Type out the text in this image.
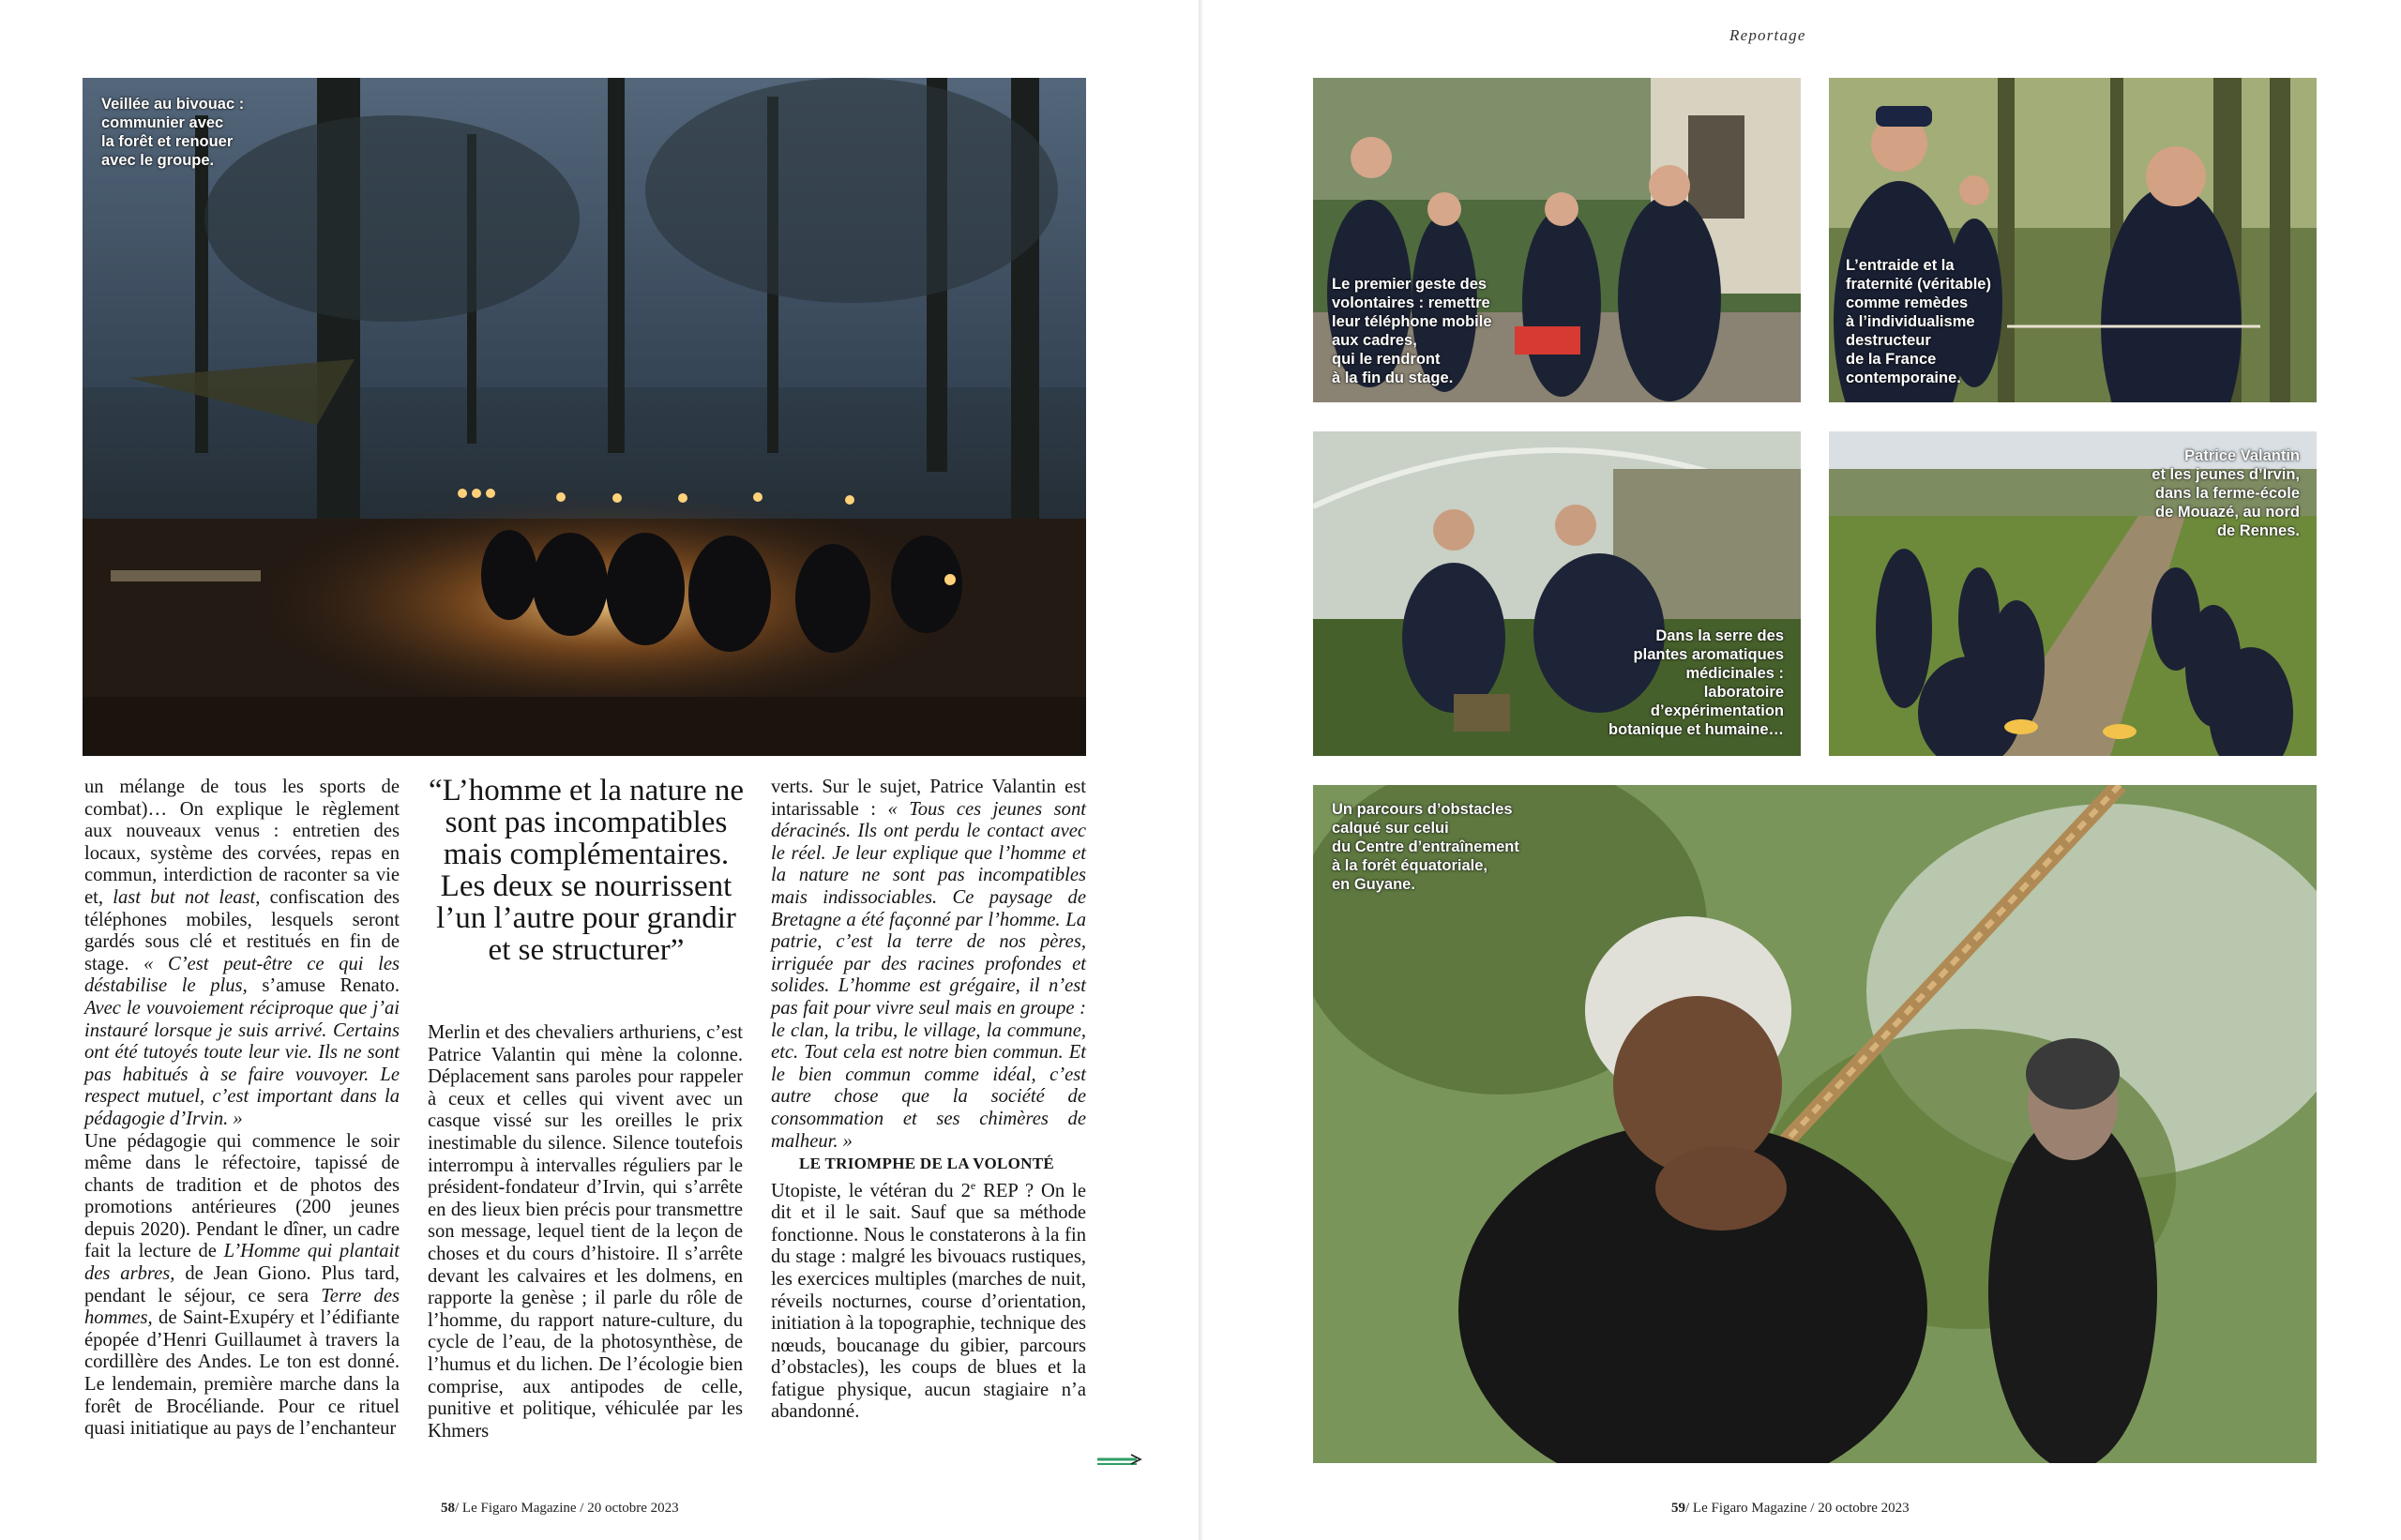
Veillée au bivouac :
communier avec
la forêt et renouer
avec le groupe.

un mélange de tous les sports de combat)… On explique le règlement aux nouveaux venus : entretien des locaux, système des corvées, repas en commun, interdiction de raconter sa vie et, last but not least, confiscation des téléphones mobiles, lesquels seront gardés sous clé et restitués en fin de stage. « C’est peut-être ce qui les déstabilise le plus, s’amuse Renato. Avec le vouvoiement réciproque que j’ai instauré lorsque je suis arrivé. Certains ont été tutoyés toute leur vie. Ils ne sont pas habitués à se faire vouvoyer. Le respect mutuel, c’est important dans la pédagogie d’Irvin. »

Une pédagogie qui commence le soir même dans le réfectoire, tapissé de chants de tradition et de photos des promotions antérieures (200 jeunes depuis 2020). Pendant le dîner, un cadre fait la lecture de L’Homme qui plantait des arbres, de Jean Giono. Plus tard, pendant le séjour, ce sera Terre des hommes, de Saint-Exupéry et l’édifiante épopée d’Henri Guillaumet à travers la cordillère des Andes. Le ton est donné. Le lendemain, première marche dans la forêt de Brocéliande. Pour ce rituel quasi initiatique au pays de l’enchanteur

“L’homme et la nature ne sont pas incompatibles mais complémentaires. Les deux se nourrissent l’un l’autre pour grandir et se structurer”

Merlin et des chevaliers arthuriens, c’est Patrice Valantin qui mène la colonne. Déplacement sans paroles pour rappeler à ceux et celles qui vivent avec un casque vissé sur les oreilles le prix inestimable du silence. Silence toutefois interrompu à intervalles réguliers par le président-fondateur d’Irvin, qui s’arrête en des lieux bien précis pour transmettre son message, lequel tient de la leçon de choses et du cours d’histoire. Il s’arrête devant les calvaires et les dolmens, en rapporte la genèse ; il parle du rôle de l’homme, du rapport nature-culture, du cycle de l’eau, de la photosynthèse, de l’humus et du lichen. De l’écologie bien comprise, aux antipodes de celle, punitive et politique, véhiculée par les Khmers

verts. Sur le sujet, Patrice Valantin est intarissable : « Tous ces jeunes sont déracinés. Ils ont perdu le contact avec le réel. Je leur explique que l’homme et la nature ne sont pas incompatibles mais indissociables. Ce paysage de Bretagne a été façonné par l’homme. La patrie, c’est la terre de nos pères, irriguée par des racines profondes et solides. L’homme est grégaire, il n’est pas fait pour vivre seul mais en groupe : le clan, la tribu, le village, la commune, etc. Tout cela est notre bien commun. Et le bien commun comme idéal, c’est autre chose que la société de consommation et ses chimères de malheur. »

LE TRIOMPHE DE LA VOLONTÉ

Utopiste, le vétéran du 2e REP ? On le dit et il le sait. Sauf que sa méthode fonctionne. Nous le constaterons à la fin du stage : malgré les bivouacs rustiques, les exercices multiples (marches de nuit, réveils nocturnes, course d’orientation, initiation à la topographie, technique des nœuds, boucanage du gibier, parcours d’obstacles), les coups de blues et la fatigue physique, aucun stagiaire n’a abandonné.

58/ Le Figaro Magazine / 20 octobre 2023
Reportage
Le premier geste des
volontaires : remettre
leur téléphone mobile
aux cadres,
qui le rendront
à la fin du stage.
L’entraide et la
fraternité (véritable)
comme remèdes
à l’individualisme
destructeur
de la France
contemporaine.
Dans la serre des
plantes aromatiques
médicinales :
laboratoire
d’expérimentation
botanique et humaine…
Patrice Valantin
et les jeunes d’Irvin,
dans la ferme-école
de Mouazé, au nord
de Rennes.
Un parcours d’obstacles
calqué sur celui
du Centre d’entraînement
à la forêt équatoriale,
en Guyane.
59/ Le Figaro Magazine / 20 octobre 2023
